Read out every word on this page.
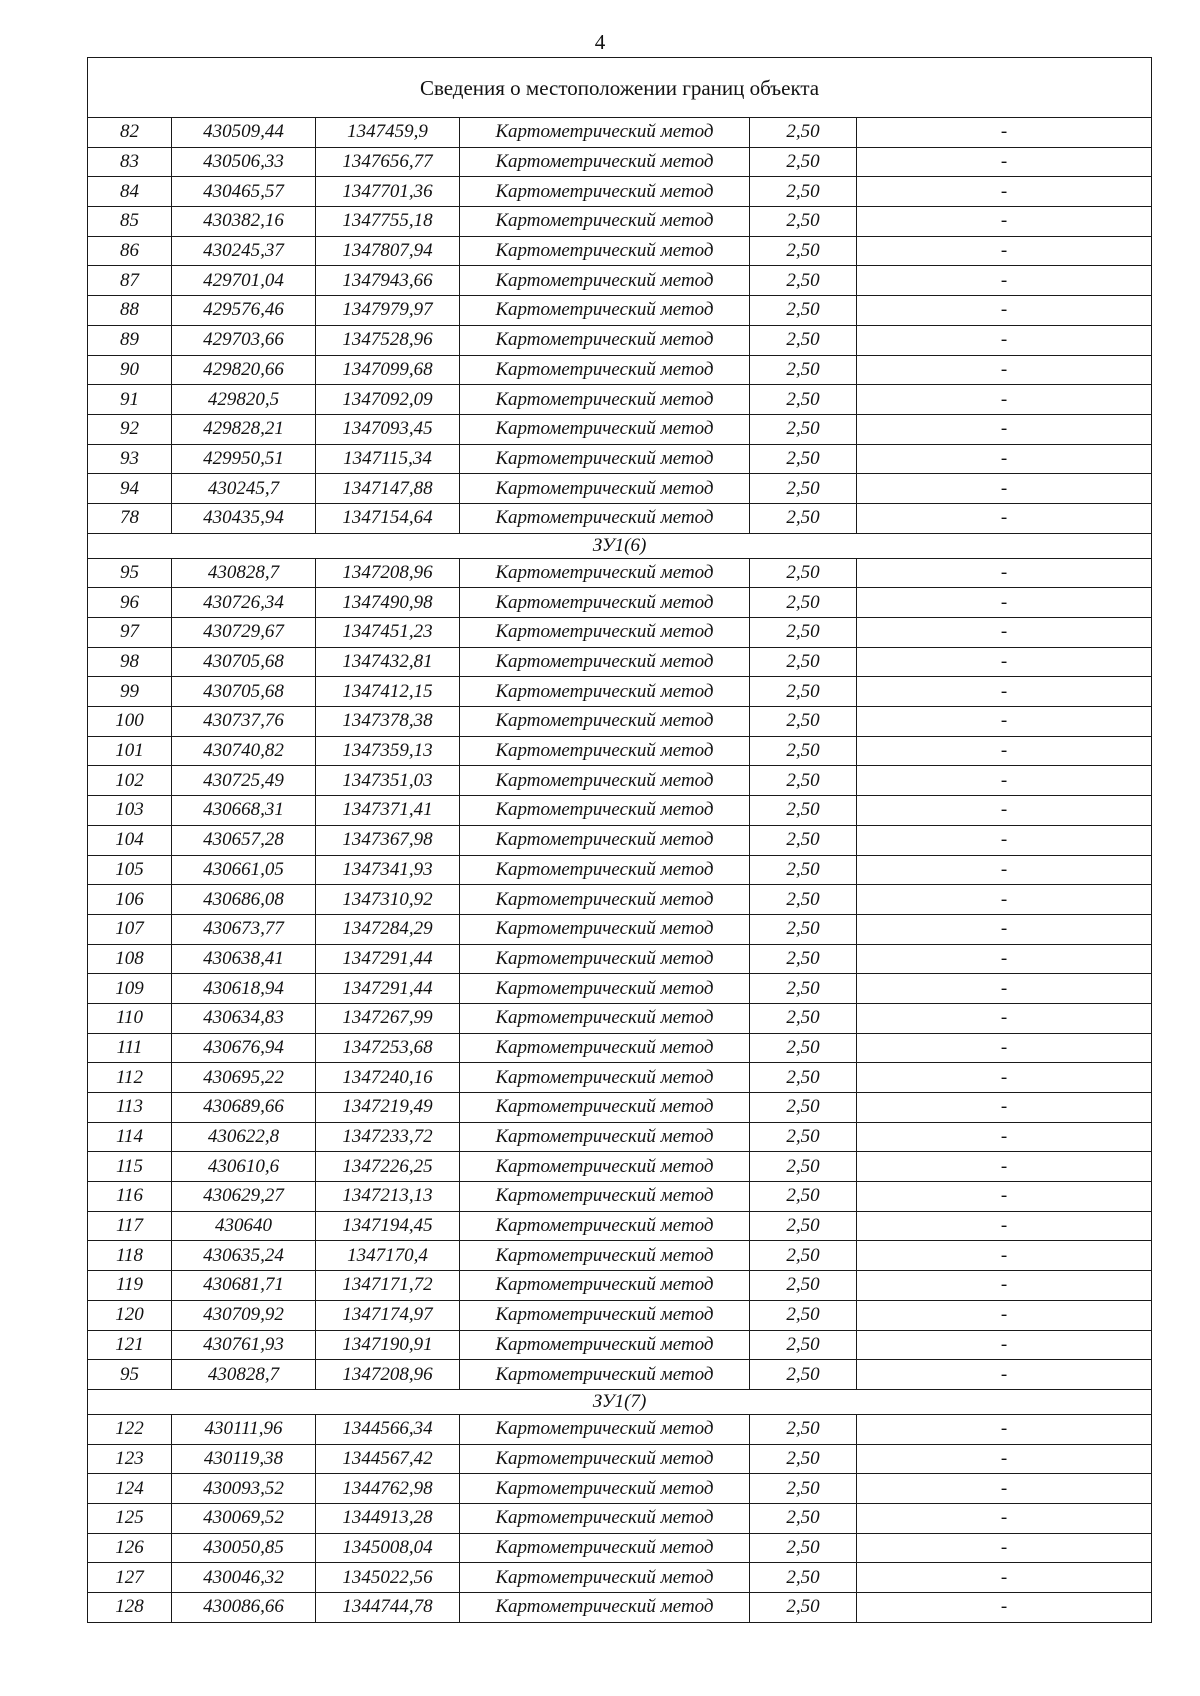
4
Сведения о местоположении границ объекта					
82	430509,44	1347459,9	Картометрический метод	2,50	-
83	430506,33	1347656,77	Картометрический метод	2,50	-
84	430465,57	1347701,36	Картометрический метод	2,50	-
85	430382,16	1347755,18	Картометрический метод	2,50	-
86	430245,37	1347807,94	Картометрический метод	2,50	-
87	429701,04	1347943,66	Картометрический метод	2,50	-
88	429576,46	1347979,97	Картометрический метод	2,50	-
89	429703,66	1347528,96	Картометрический метод	2,50	-
90	429820,66	1347099,68	Картометрический метод	2,50	-
91	429820,5	1347092,09	Картометрический метод	2,50	-
92	429828,21	1347093,45	Картометрический метод	2,50	-
93	429950,51	1347115,34	Картометрический метод	2,50	-
94	430245,7	1347147,88	Картометрический метод	2,50	-
78	430435,94	1347154,64	Картометрический метод	2,50	-
ЗУ1(6)					
95	430828,7	1347208,96	Картометрический метод	2,50	-
96	430726,34	1347490,98	Картометрический метод	2,50	-
97	430729,67	1347451,23	Картометрический метод	2,50	-
98	430705,68	1347432,81	Картометрический метод	2,50	-
99	430705,68	1347412,15	Картометрический метод	2,50	-
100	430737,76	1347378,38	Картометрический метод	2,50	-
101	430740,82	1347359,13	Картометрический метод	2,50	-
102	430725,49	1347351,03	Картометрический метод	2,50	-
103	430668,31	1347371,41	Картометрический метод	2,50	-
104	430657,28	1347367,98	Картометрический метод	2,50	-
105	430661,05	1347341,93	Картометрический метод	2,50	-
106	430686,08	1347310,92	Картометрический метод	2,50	-
107	430673,77	1347284,29	Картометрический метод	2,50	-
108	430638,41	1347291,44	Картометрический метод	2,50	-
109	430618,94	1347291,44	Картометрический метод	2,50	-
110	430634,83	1347267,99	Картометрический метод	2,50	-
111	430676,94	1347253,68	Картометрический метод	2,50	-
112	430695,22	1347240,16	Картометрический метод	2,50	-
113	430689,66	1347219,49	Картометрический метод	2,50	-
114	430622,8	1347233,72	Картометрический метод	2,50	-
115	430610,6	1347226,25	Картометрический метод	2,50	-
116	430629,27	1347213,13	Картометрический метод	2,50	-
117	430640	1347194,45	Картометрический метод	2,50	-
118	430635,24	1347170,4	Картометрический метод	2,50	-
119	430681,71	1347171,72	Картометрический метод	2,50	-
120	430709,92	1347174,97	Картометрический метод	2,50	-
121	430761,93	1347190,91	Картометрический метод	2,50	-
95	430828,7	1347208,96	Картометрический метод	2,50	-
ЗУ1(7)					
122	430111,96	1344566,34	Картометрический метод	2,50	-
123	430119,38	1344567,42	Картометрический метод	2,50	-
124	430093,52	1344762,98	Картометрический метод	2,50	-
125	430069,52	1344913,28	Картометрический метод	2,50	-
126	430050,85	1345008,04	Картометрический метод	2,50	-
127	430046,32	1345022,56	Картометрический метод	2,50	-
128	430086,66	1344744,78	Картометрический метод	2,50	-
